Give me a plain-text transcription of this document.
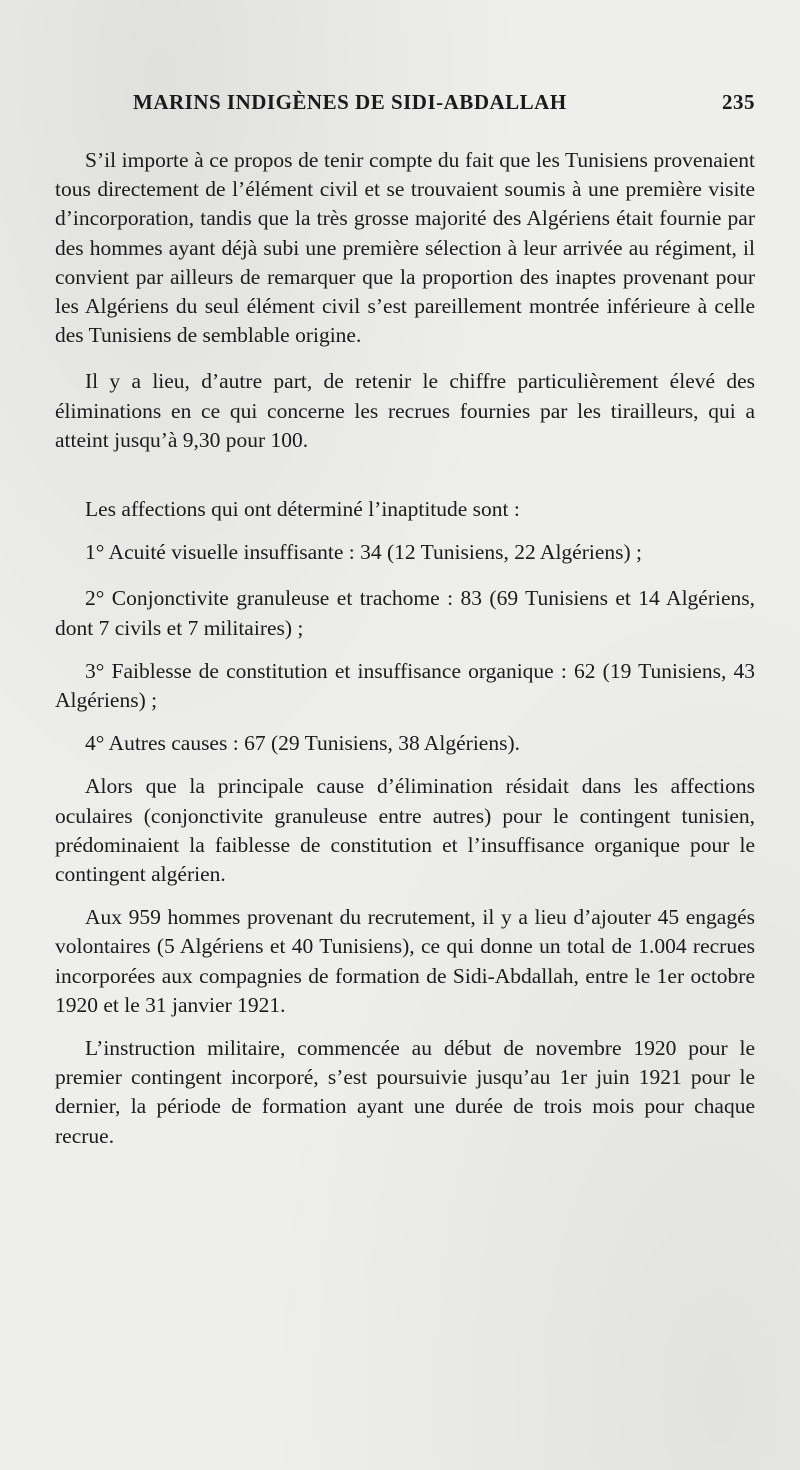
MARINS INDIGÈNES DE SIDI-ABDALLAH	235

S’il importe à ce propos de tenir compte du fait que les Tunisiens provenaient tous directement de l’élément civil et se trouvaient soumis à une première visite d’incorporation, tandis que la très grosse majorité des Algériens était fournie par des hommes ayant déjà subi une première sélection à leur arrivée au régiment, il convient par ailleurs de remarquer que la proportion des inaptes provenant pour les Algériens du seul élément civil s’est pareillement montrée inférieure à celle des Tunisiens de semblable origine.

Il y a lieu, d’autre part, de retenir le chiffre particulièrement élevé des éliminations en ce qui concerne les recrues fournies par les tirailleurs, qui a atteint jusqu’à 9,30 pour 100.

Les affections qui ont déterminé l’inaptitude sont :

1° Acuité visuelle insuffisante : 34 (12 Tunisiens, 22 Algériens) ;

2° Conjonctivite granuleuse et trachome : 83 (69 Tunisiens et 14 Algériens, dont 7 civils et 7 militaires) ;

3° Faiblesse de constitution et insuffisance organique : 62 (19 Tunisiens, 43 Algériens) ;

4° Autres causes : 67 (29 Tunisiens, 38 Algériens).

Alors que la principale cause d’élimination résidait dans les affections oculaires (conjonctivite granuleuse entre autres) pour le contingent tunisien, prédominaient la faiblesse de constitution et l’insuffisance organique pour le contingent algérien.

Aux 959 hommes provenant du recrutement, il y a lieu d’ajouter 45 engagés volontaires (5 Algériens et 40 Tunisiens), ce qui donne un total de 1.004 recrues incorporées aux compagnies de formation de Sidi-Abdallah, entre le 1er octobre 1920 et le 31 janvier 1921.

L’instruction militaire, commencée au début de novembre 1920 pour le premier contingent incorporé, s’est poursuivie jusqu’au 1er juin 1921 pour le dernier, la période de formation ayant une durée de trois mois pour chaque recrue.
